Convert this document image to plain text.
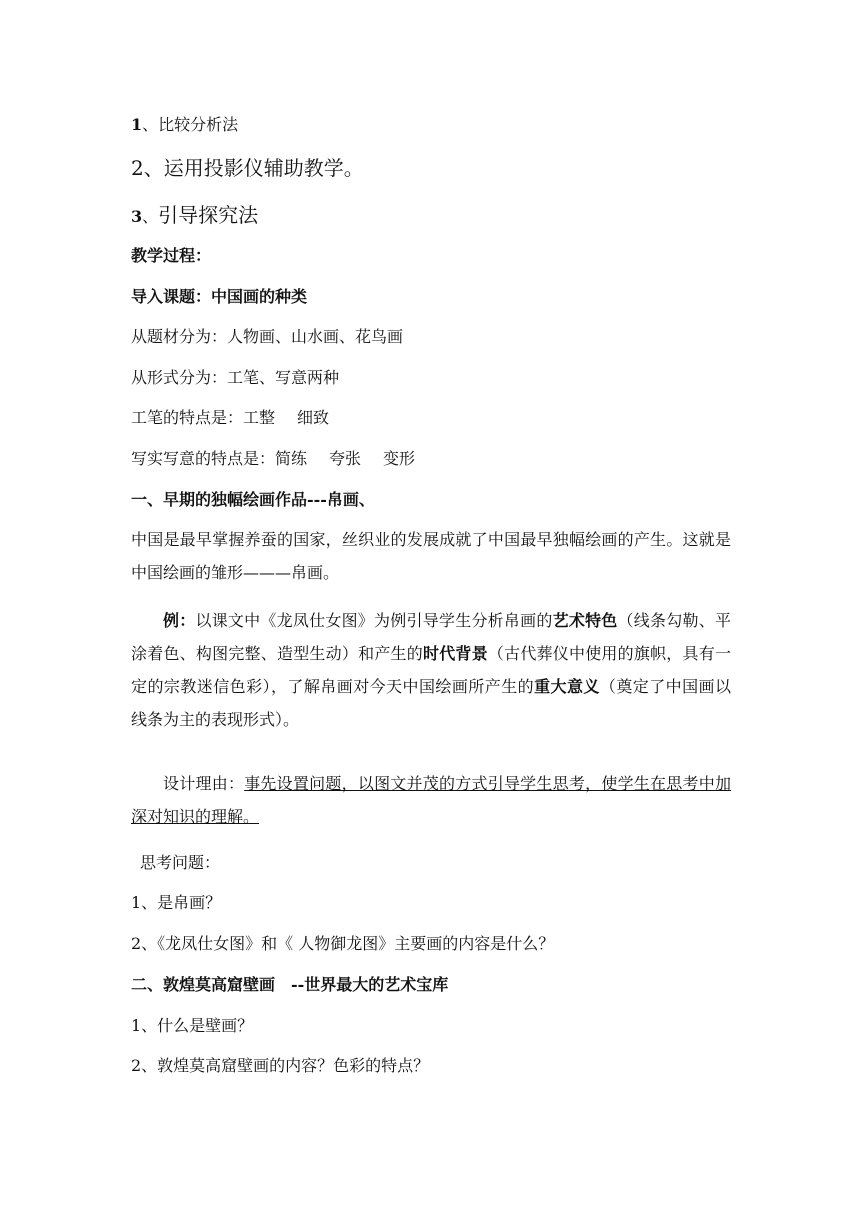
1、比较分析法
2、运用投影仪辅助教学。
3、引导探究法
教学过程：
导入课题：中国画的种类
从题材分为：人物画、山水画、花鸟画
从形式分为：工笔、写意两种
工笔的特点是：工整 细致
写实写意的特点是：简练 夸张 变形
一、早期的独幅绘画作品---帛画、
中国是最早掌握养蚕的国家，丝织业的发展成就了中国最早独幅绘画的产生。这就是中国绘画的雏形———帛画。
例：以课文中《龙凤仕女图》为例引导学生分析帛画的艺术特色（线条勾勒、平涂着色、构图完整、造型生动）和产生的时代背景（古代葬仪中使用的旗帜，具有一定的宗教迷信色彩），了解帛画对今天中国绘画所产生的重大意义（奠定了中国画以线条为主的表现形式）。
设计理由：事先设置问题，以图文并茂的方式引导学生思考，使学生在思考中加深对知识的理解。
思考问题：
1、是帛画？
2、《龙凤仕女图》和《 人物御龙图》主要画的内容是什么？
二、敦煌莫高窟壁画　--世界最大的艺术宝库
1、什么是壁画？
2、敦煌莫高窟壁画的内容？色彩的特点？
